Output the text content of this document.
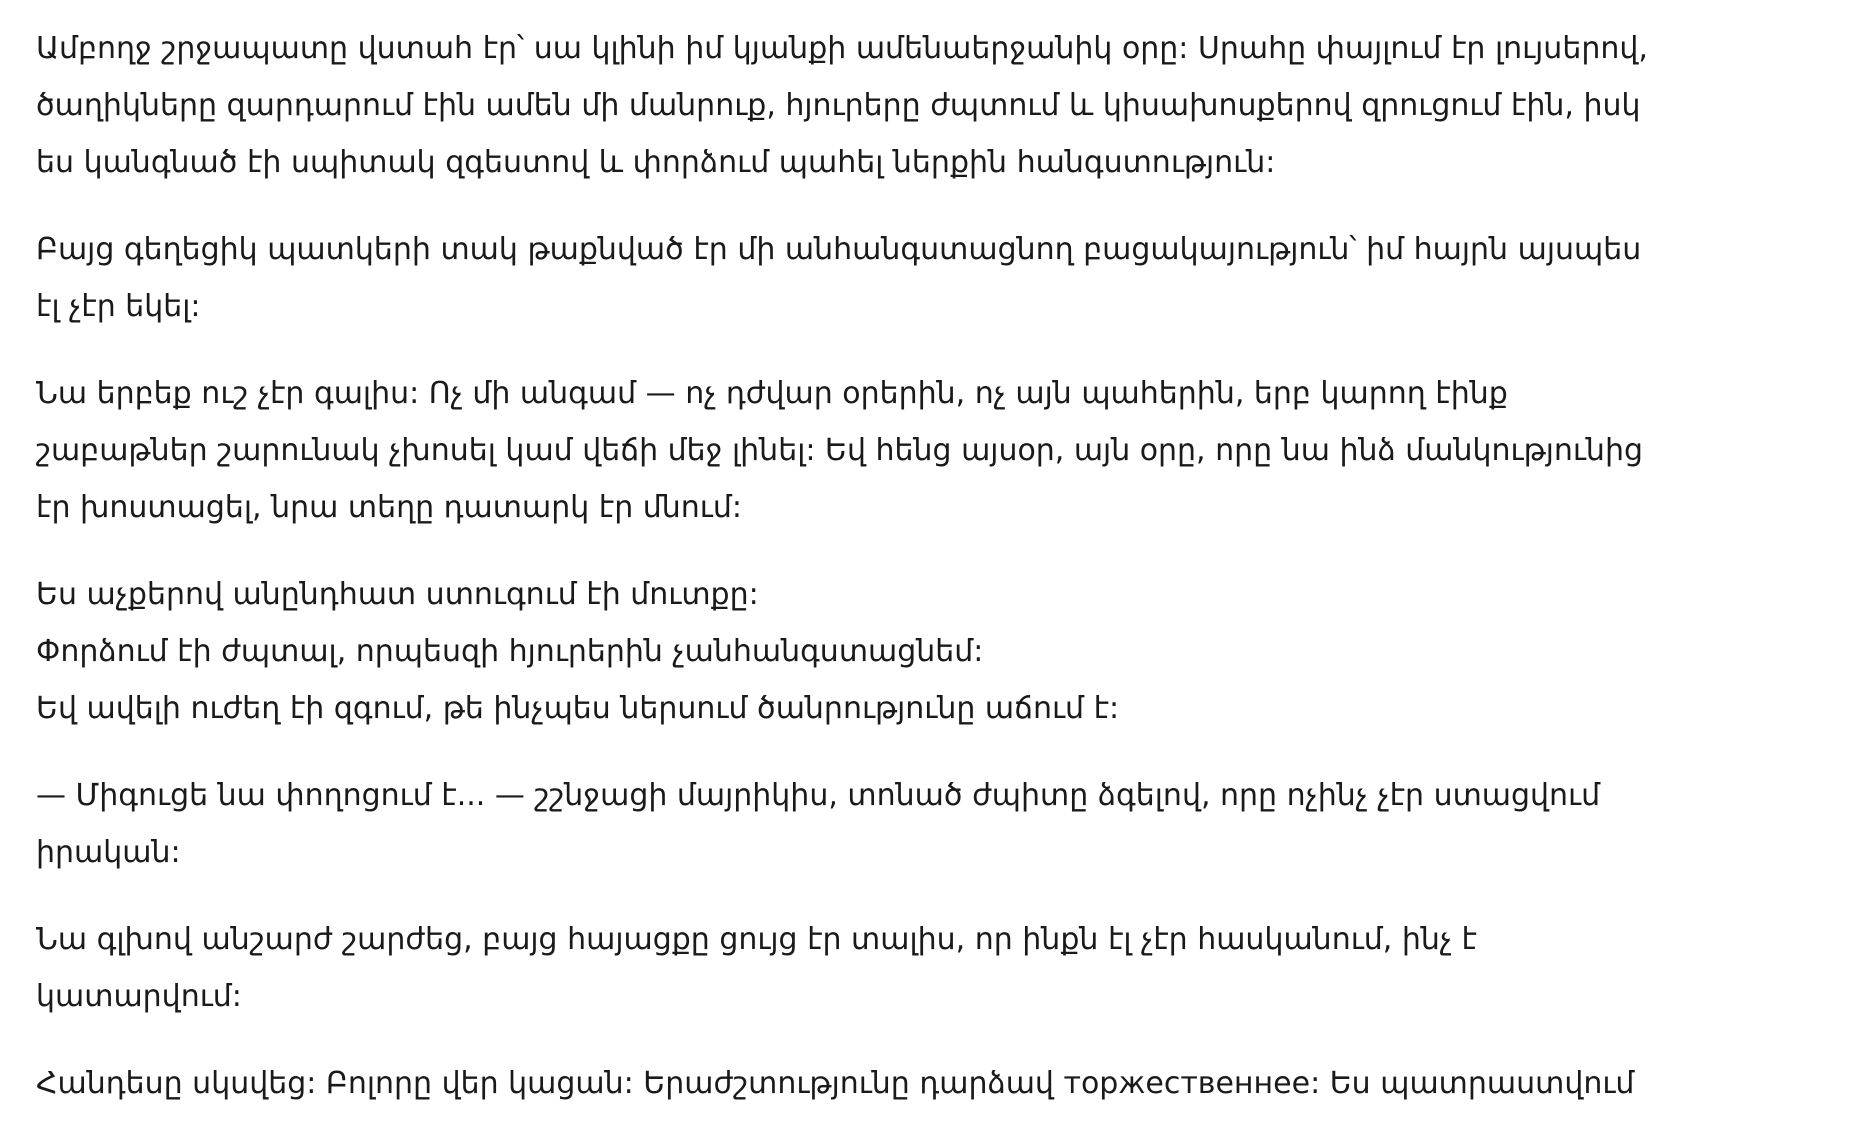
Ամբողջ շրջապատը վստահ էր՝ սա կլինի իմ կյանքի ամենաերջանիկ օրը: Սրահը փայլում էր լույսերով,
ծաղիկները զարդարում էին ամեն մի մանրուք, հյուրերը ժպտում և կիսախոսքերով զրուցում էին, իսկ
ես կանգնած էի սպիտակ զգեստով և փորձում պահել ներքին հանգստություն:

Բայց գեղեցիկ պատկերի տակ թաքնված էր մի անհանգստացնող բացակայություն՝ իմ հայրն այսպես
էլ չէր եկել:

Նա երբեք ուշ չէր գալիս: Ոչ մի անգամ — ոչ դժվար օրերին, ոչ այն պահերին, երբ կարող էինք
շաբաթներ շարունակ չխոսել կամ վեճի մեջ լինել: Եվ հենց այսօր, այն օրը, որը նա ինձ մանկությունից
էր խոստացել, նրա տեղը դատարկ էր մնում:

Ես աչքերով անընդհատ ստուգում էի մուտքը:
Փորձում էի ժպտալ, որպեսզի հյուրերին չանհանգստացնեմ:
Եվ ավելի ուժեղ էի զգում, թե ինչպես ներսում ծանրությունը աճում է:

— Միգուցե նա փողոցում է... — շշնջացի մայրիկիս, տոնած ժպիտը ձգելով, որը ոչինչ չէր ստացվում
իրական:

Նա գլխով անշարժ շարժեց, բայց հայացքը ցույց էր տալիս, որ ինքն էլ չէր հասկանում, ինչ է
կատարվում:

Հանդեսը սկսվեց: Բոլորը վեր կացան: Երաժշտությունը դարձավ торжественнее: Ես պատրաստվում
